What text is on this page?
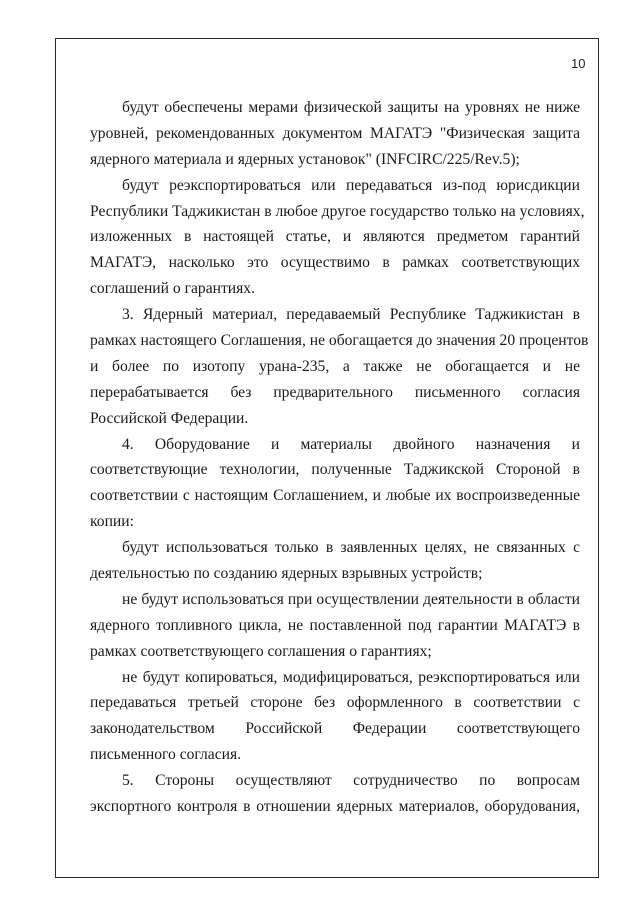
10
будут обеспечены мерами физической защиты на уровнях не ниже
уровней, рекомендованных документом МАГАТЭ "Физическая защита
ядерного материала и ядерных установок" (INFCIRC/225/Rev.5);
будут реэкспортироваться или передаваться из-под юрисдикции
Республики Таджикистан в любое другое государство только на условиях,
изложенных в настоящей статье, и являются предметом гарантий
МАГАТЭ, насколько это осуществимо в рамках соответствующих
соглашений о гарантиях.
3. Ядерный материал, передаваемый Республике Таджикистан в
рамках настоящего Соглашения, не обогащается до значения 20 процентов
и более по изотопу урана-235, а также не обогащается и не
перерабатывается без предварительного письменного согласия
Российской Федерации.
4. Оборудование и материалы двойного назначения и
соответствующие технологии, полученные Таджикской Стороной в
соответствии с настоящим Соглашением, и любые их воспроизведенные
копии:
будут использоваться только в заявленных целях, не связанных с
деятельностью по созданию ядерных взрывных устройств;
не будут использоваться при осуществлении деятельности в области
ядерного топливного цикла, не поставленной под гарантии МАГАТЭ в
рамках соответствующего соглашения о гарантиях;
не будут копироваться, модифицироваться, реэкспортироваться или
передаваться третьей стороне без оформленного в соответствии с
законодательством Российской Федерации соответствующего
письменного согласия.
5. Стороны осуществляют сотрудничество по вопросам
экспортного контроля в отношении ядерных материалов, оборудования,
